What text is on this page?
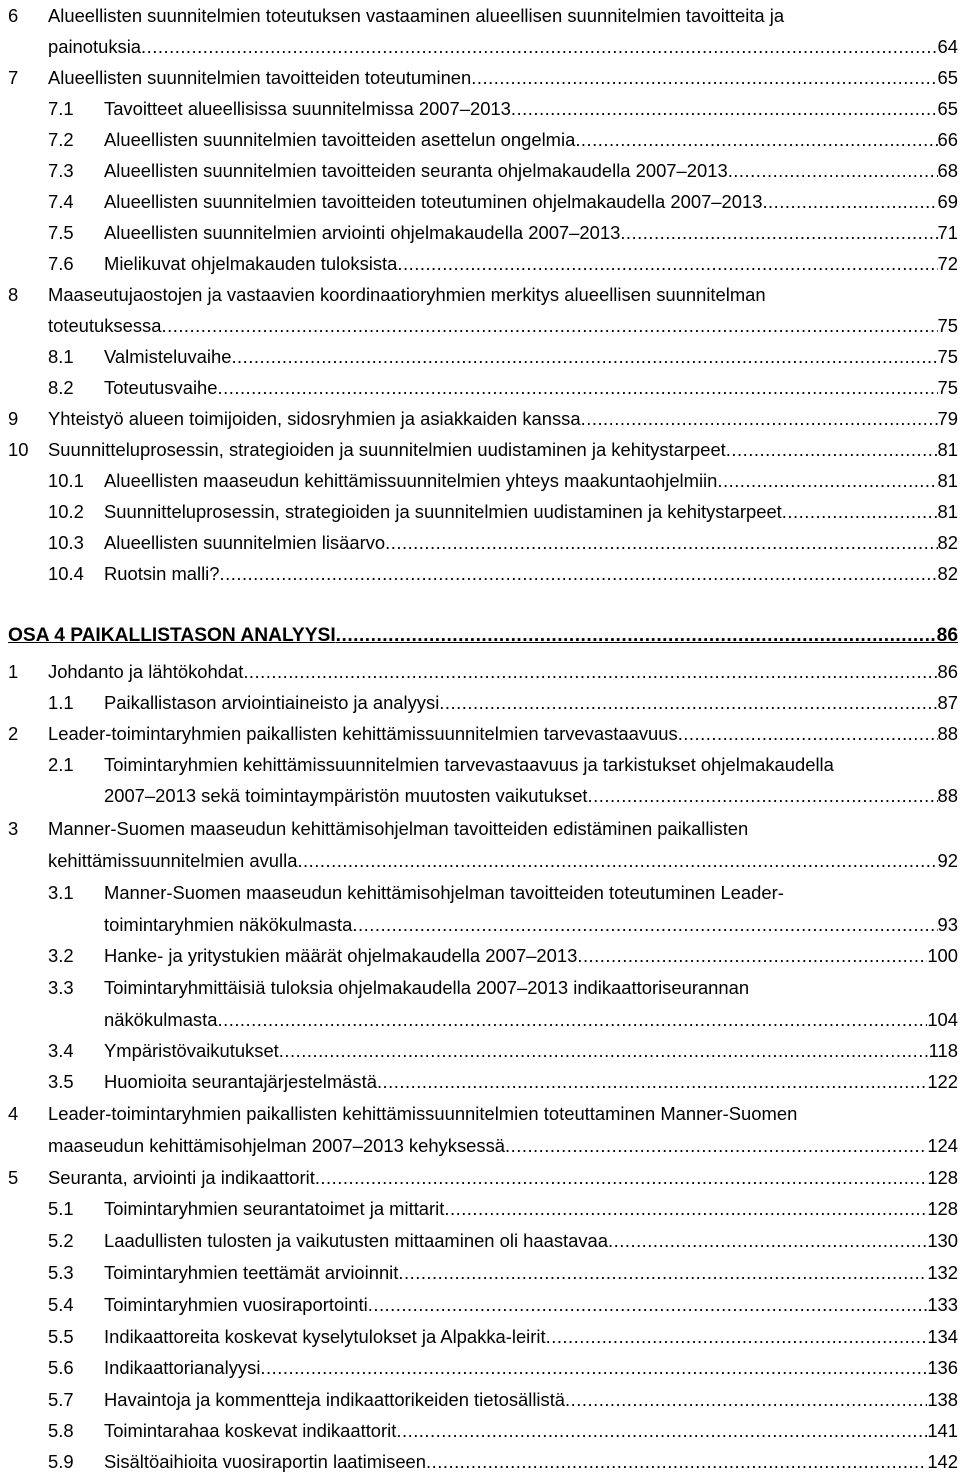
6	Alueellisten suunnitelmien toteutuksen vastaaminen alueellisen suunnitelmien tavoitteita ja
painotuksia .....	64
7	Alueellisten suunnitelmien tavoitteiden toteutuminen .....	65
7.1	Tavoitteet alueellisissa suunnitelmissa 2007–2013 .....	65
7.2	Alueellisten suunnitelmien tavoitteiden asettelun ongelmia .....	66
7.3	Alueellisten suunnitelmien tavoitteiden seuranta ohjelmakaudella 2007–2013 .....	68
7.4	Alueellisten suunnitelmien tavoitteiden toteutuminen ohjelmakaudella 2007–2013 .....	69
7.5	Alueellisten suunnitelmien arviointi ohjelmakaudella 2007–2013 .....	71
7.6	Mielikuvat ohjelmakauden tuloksista .....	72
8	Maaseutujaostojen ja vastaavien koordinaatioryhmien merkitys alueellisen suunnitelman
toteutuksessa .....	75
8.1	Valmisteluvaihe .....	75
8.2	Toteutusvaihe .....	75
9	Yhteistyö alueen toimijoiden, sidosryhmien ja asiakkaiden kanssa .....	79
10	Suunnitteluprosessin, strategioiden ja suunnitelmien uudistaminen ja kehitystarpeet .....	81
10.1	Alueellisten maaseudun kehittämissuunnitelmien yhteys maakuntaohjelmiin .....	81
10.2	Suunnitteluprosessin, strategioiden ja suunnitelmien uudistaminen ja kehitystarpeet .....	81
10.3	Alueellisten suunnitelmien lisäarvo .....	82
10.4	Ruotsin malli? .....	82
OSA 4 PAIKALLISTASON ANALYYSI .....	86
1	Johdanto ja lähtökohdat .....	86
1.1	Paikallistason arviointiaineisto ja analyysi .....	87
2	Leader-toimintaryhmien paikallisten kehittämissuunnitelmien tarvevastaavuus .....	88
2.1	Toimintaryhmien kehittämissuunnitelmien tarvevastaavuus ja tarkistukset ohjelmakaudella
2007–2013 sekä toimintaympäristön muutosten vaikutukset .....	88
3	Manner-Suomen maaseudun kehittämisohjelman tavoitteiden edistäminen paikallisten
kehittämissuunnitelmien avulla .....	92
3.1	Manner-Suomen maaseudun kehittämisohjelman tavoitteiden toteutuminen Leader-
toimintaryhmien näkökulmasta .....	93
3.2	Hanke- ja yritystukien määrät ohjelmakaudella 2007–2013 .....	100
3.3	Toimintaryhmittäisiä tuloksia ohjelmakaudella 2007–2013 indikaattoriseurannan
näkökulmasta .....	104
3.4	Ympäristövaikutukset .....	118
3.5	Huomioita seurantajärjestelmästä .....	122
4	Leader-toimintaryhmien paikallisten kehittämissuunnitelmien toteuttaminen Manner-Suomen
maaseudun kehittämisohjelman 2007–2013 kehyksessä .....	124
5	Seuranta, arviointi ja indikaattorit .....	128
5.1	Toimintaryhmien seurantatoimet ja mittarit .....	128
5.2	Laadullisten tulosten ja vaikutusten mittaaminen oli haastavaa .....	130
5.3	Toimintaryhmien teettämät arvioinnit .....	132
5.4	Toimintaryhmien vuosiraportointi .....	133
5.5	Indikaattoreita koskevat kyselytulokset ja Alpakka-leirit .....	134
5.6	Indikaattorianalyysi .....	136
5.7	Havaintoja ja kommentteja indikaattorikeiden tietosällistä .....	138
5.8	Toimintarahaa koskevat indikaattorit .....	141
5.9	Sisältöaihioita vuosiraportin laatimiseen .....	142
